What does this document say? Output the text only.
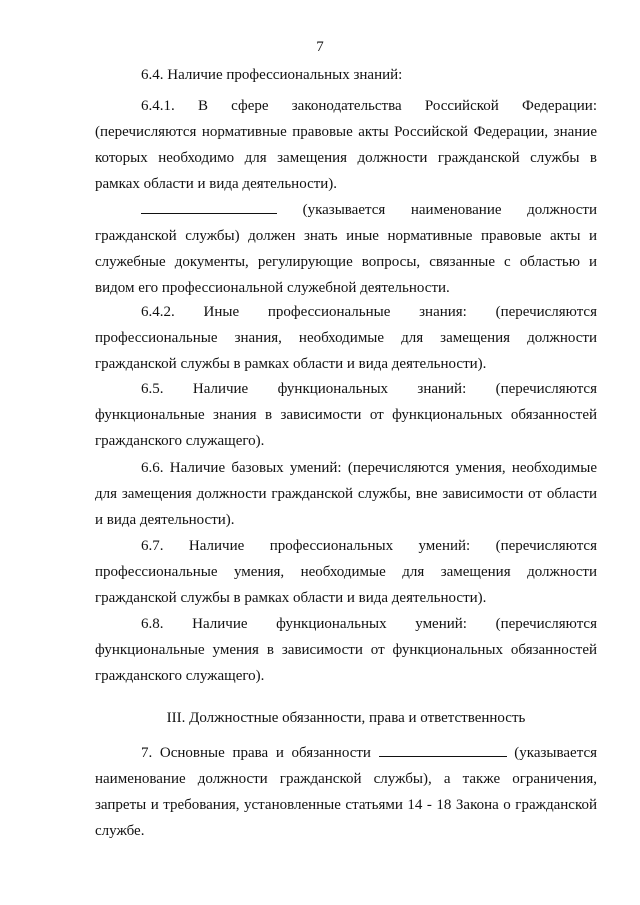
7
6.4. Наличие профессиональных знаний:
6.4.1. В сфере законодательства Российской Федерации: (перечисляются нормативные правовые акты Российской Федерации, знание которых необходимо для замещения должности гражданской службы в рамках области и вида деятельности).
(указывается наименование должности гражданской службы) должен знать иные нормативные правовые акты и служебные документы, регулирующие вопросы, связанные с областью и видом его профессиональной служебной деятельности.
6.4.2. Иные профессиональные знания: (перечисляются профессиональные знания, необходимые для замещения должности гражданской службы в рамках области и вида деятельности).
6.5. Наличие функциональных знаний: (перечисляются функциональные знания в зависимости от функциональных обязанностей гражданского служащего).
6.6. Наличие базовых умений: (перечисляются умения, необходимые для замещения должности гражданской службы, вне зависимости от области и вида деятельности).
6.7. Наличие профессиональных умений: (перечисляются профессиональные умения, необходимые для замещения должности гражданской службы в рамках области и вида деятельности).
6.8. Наличие функциональных умений: (перечисляются функциональные умения в зависимости от функциональных обязанностей гражданского служащего).
III. Должностные обязанности, права и ответственность
7. Основные права и обязанности	(указывается наименование должности гражданской службы), а также ограничения, запреты и требования, установленные статьями 14 - 18 Закона о гражданской службе.
